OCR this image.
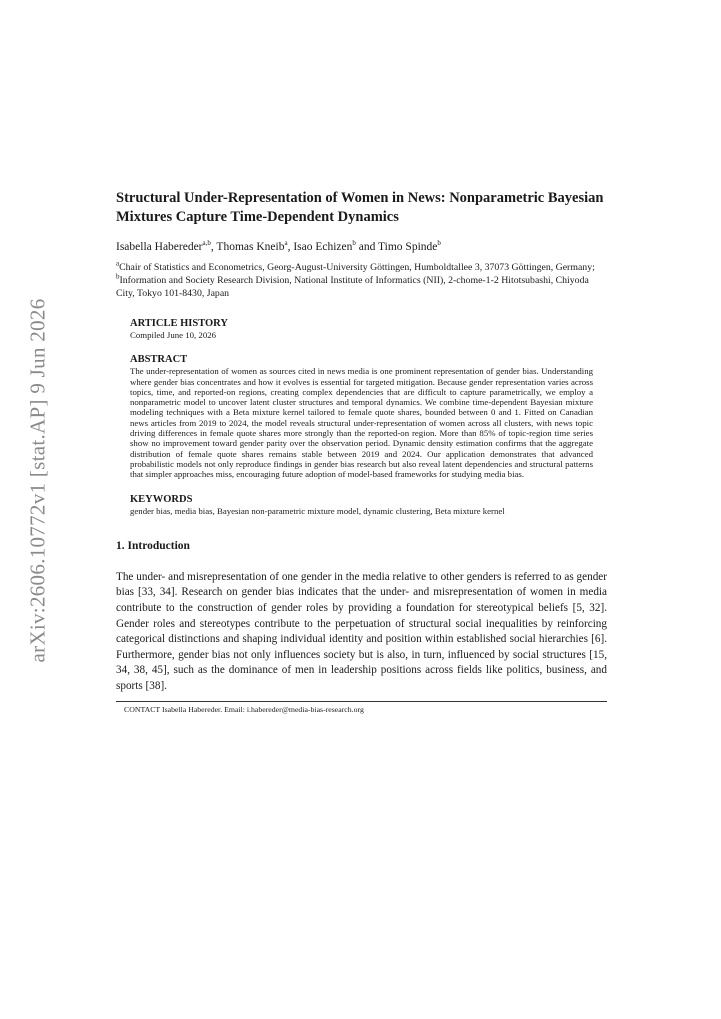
arXiv:2606.10772v1 [stat.AP] 9 Jun 2026
Structural Under-Representation of Women in News: Nonparametric Bayesian Mixtures Capture Time-Dependent Dynamics
Isabella Habereder$^{a,b}$, Thomas Kneib$^a$, Isao Echizen$^b$ and Timo Spinde$^b$
$^a$Chair of Statistics and Econometrics, Georg-August-University Göttingen, Humboldtallee 3, 37073 Göttingen, Germany; $^b$Information and Society Research Division, National Institute of Informatics (NII), 2-chome-1-2 Hitotsubashi, Chiyoda City, Tokyo 101-8430, Japan

ARTICLE HISTORY

Compiled June 10, 2026

ABSTRACT

The under-representation of women as sources cited in news media is one prominent representation of gender bias. Understanding where gender bias concentrates and how it evolves is essential for targeted mitigation. Because gender representation varies across topics, time, and reported-on regions, creating complex dependencies that are difficult to capture parametrically, we employ a nonparametric model to uncover latent cluster structures and temporal dynamics. We combine time-dependent Bayesian mixture modeling techniques with a Beta mixture kernel tailored to female quote shares, bounded between 0 and 1. Fitted on Canadian news articles from 2019 to 2024, the model reveals structural under-representation of women across all clusters, with news topic driving differences in female quote shares more strongly than the reported-on region. More than 85% of topic-region time series show no improvement toward gender parity over the observation period. Dynamic density estimation confirms that the aggregate distribution of female quote shares remains stable between 2019 and 2024. Our application demonstrates that advanced probabilistic models not only reproduce findings in gender bias research but also reveal latent dependencies and structural patterns that simpler approaches miss, encouraging future adoption of model-based frameworks for studying media bias.

KEYWORDS

gender bias, media bias, Bayesian non-parametric mixture model, dynamic clustering, Beta mixture kernel
1. Introduction
The under- and misrepresentation of one gender in the media relative to other genders is referred to as gender bias [33, 34]. Research on gender bias indicates that the under- and misrepresentation of women in media contribute to the construction of gender roles by providing a foundation for stereotypical beliefs [5, 32]. Gender roles and stereotypes contribute to the perpetuation of structural social inequalities by reinforcing categorical distinctions and shaping individual identity and position within established social hierarchies [6]. Furthermore, gender bias not only influences society but is also, in turn, influenced by social structures [15, 34, 38, 45], such as the dominance of men in leadership positions across fields like politics, business, and sports [38].
CONTACT Isabella Habereder. Email: i.habereder@media-bias-research.org
